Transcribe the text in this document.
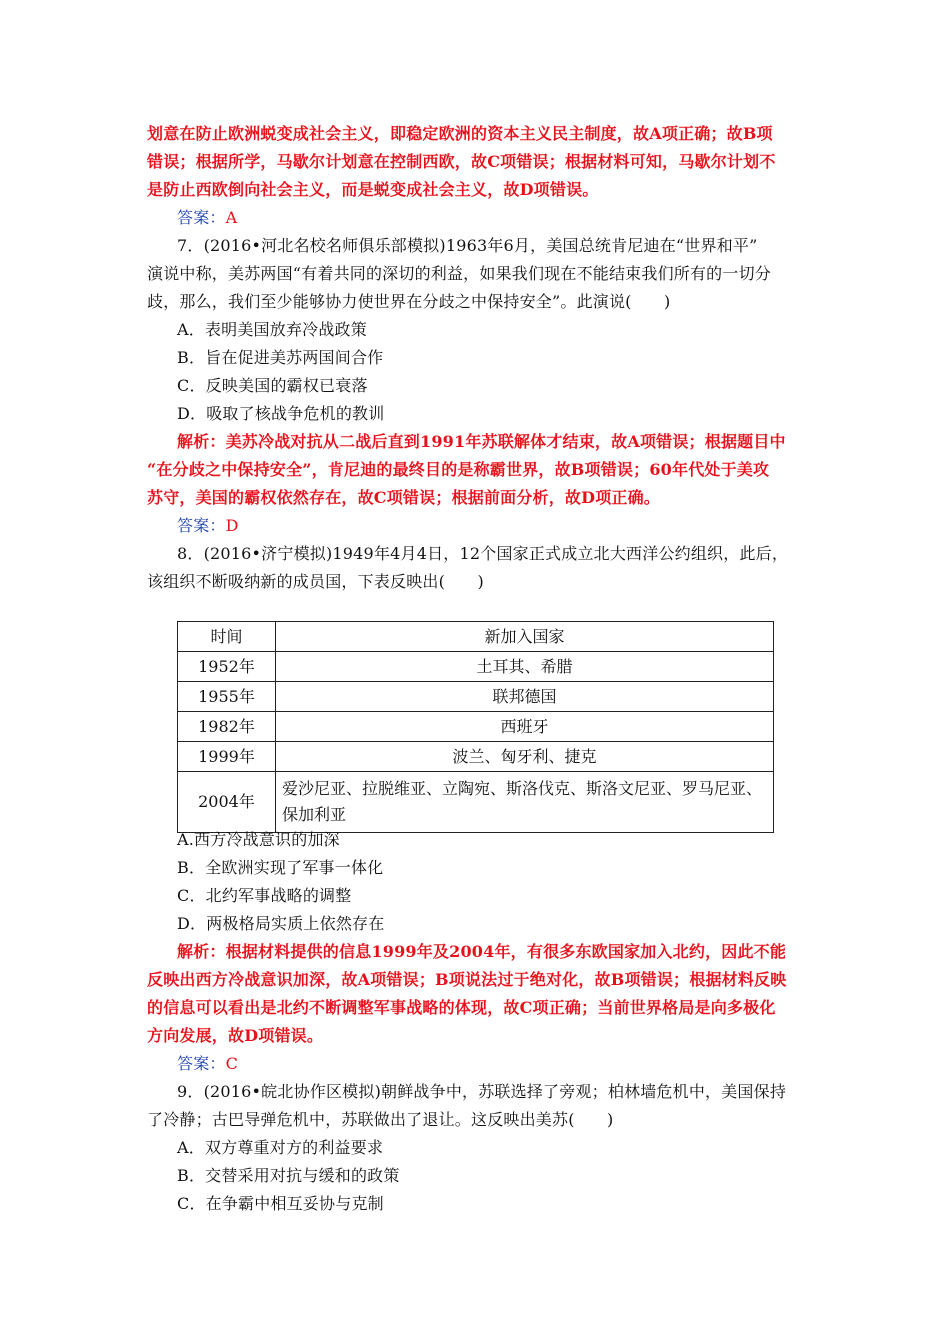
划意在防止欧洲蜕变成社会主义，即稳定欧洲的资本主义民主制度，故A项正确；故B项
错误；根据所学，马歇尔计划意在控制西欧，故C项错误；根据材料可知，马歇尔计划不
是防止西欧倒向社会主义，而是蜕变成社会主义，故D项错误。
答案：A
7．(2016•河北名校名师俱乐部模拟)1963年6月，美国总统肯尼迪在“世界和平”
演说中称，美苏两国“有着共同的深切的利益，如果我们现在不能结束我们所有的一切分
歧，那么，我们至少能够协力使世界在分歧之中保持安全”。此演说(　　)
A．表明美国放弃冷战政策
B．旨在促进美苏两国间合作
C．反映美国的霸权已衰落
D．吸取了核战争危机的教训
解析：美苏冷战对抗从二战后直到1991年苏联解体才结束，故A项错误；根据题目中
“在分歧之中保持安全”，肯尼迪的最终目的是称霸世界，故B项错误；60年代处于美攻
苏守，美国的霸权依然存在，故C项错误；根据前面分析，故D项正确。
答案：D
8．(2016•济宁模拟)1949年4月4日，12个国家正式成立北大西洋公约组织，此后，
该组织不断吸纳新的成员国，下表反映出(　　)
时间	新加入国家
1952年	土耳其、希腊
1955年	联邦德国
1982年	西班牙
1999年	波兰、匈牙利、捷克
2004年	爱沙尼亚、拉脱维亚、立陶宛、斯洛伐克、斯洛文尼亚、罗马尼亚、保加利亚
A.西方冷战意识的加深
B．全欧洲实现了军事一体化
C．北约军事战略的调整
D．两极格局实质上依然存在
解析：根据材料提供的信息1999年及2004年，有很多东欧国家加入北约，因此不能
反映出西方冷战意识加深，故A项错误；B项说法过于绝对化，故B项错误；根据材料反映
的信息可以看出是北约不断调整军事战略的体现，故C项正确；当前世界格局是向多极化
方向发展，故D项错误。
答案：C
9．(2016•皖北协作区模拟)朝鲜战争中，苏联选择了旁观；柏林墙危机中，美国保持
了冷静；古巴导弹危机中，苏联做出了退让。这反映出美苏(　　)
A．双方尊重对方的利益要求
B．交替采用对抗与缓和的政策
C．在争霸中相互妥协与克制
